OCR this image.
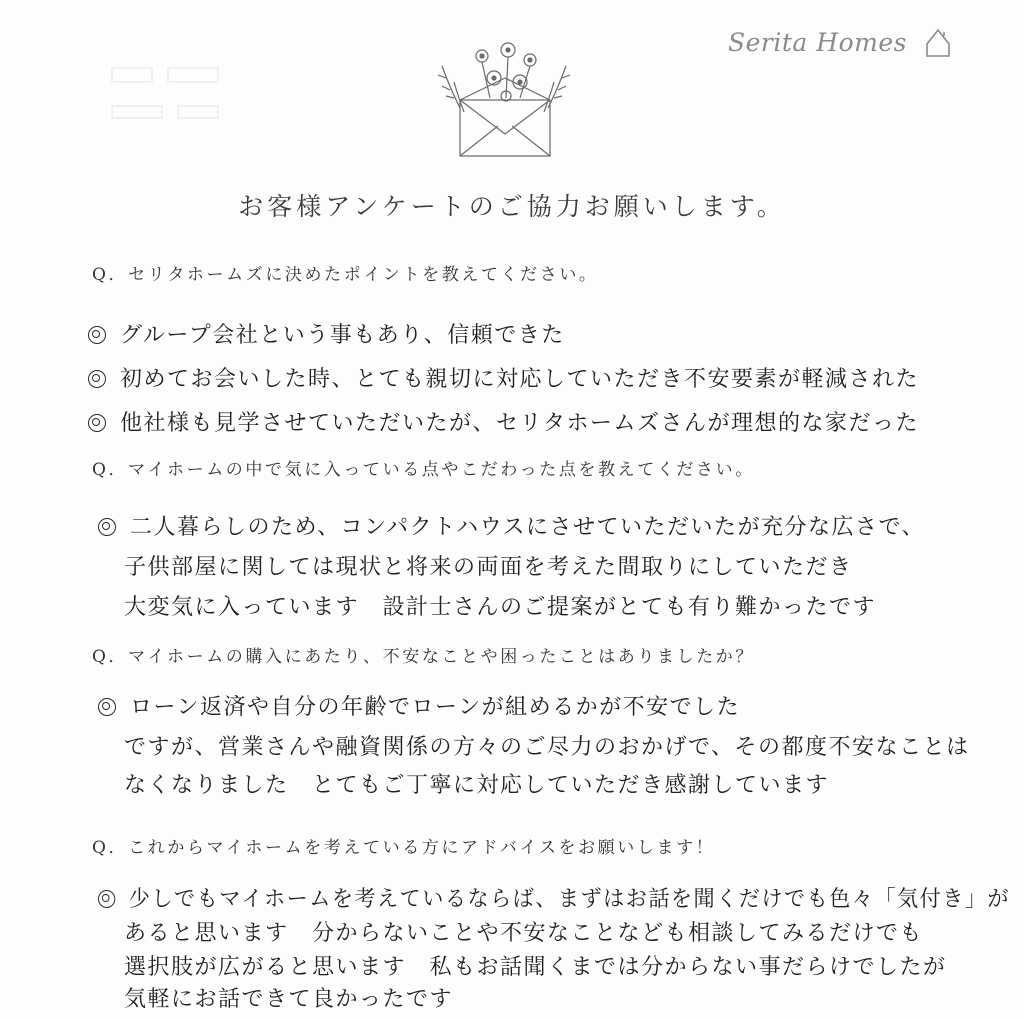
Serita Homes
お客様アンケートのご協力お願いします。
Q．セリタホームズに決めたポイントを教えてください。
グループ会社という事もあり、信頼できた
初めてお会いした時、とても親切に対応していただき不安要素が軽減された
他社様も見学させていただいたが、セリタホームズさんが理想的な家だった
Q．マイホームの中で気に入っている点やこだわった点を教えてください。
二人暮らしのため、コンパクトハウスにさせていただいたが充分な広さで、
子供部屋に関しては現状と将来の両面を考えた間取りにしていただき
大変気に入っています　設計士さんのご提案がとても有り難かったです
Q．マイホームの購入にあたり、不安なことや困ったことはありましたか？
ローン返済や自分の年齢でローンが組めるかが不安でした
ですが、営業さんや融資関係の方々のご尽力のおかげで、その都度不安なことは
なくなりました　とてもご丁寧に対応していただき感謝しています
Q．これからマイホームを考えている方にアドバイスをお願いします！
少しでもマイホームを考えているならば、まずはお話を聞くだけでも色々「気付き」が
あると思います　分からないことや不安なことなども相談してみるだけでも
選択肢が広がると思います　私もお話聞くまでは分からない事だらけでしたが
気軽にお話できて良かったです
